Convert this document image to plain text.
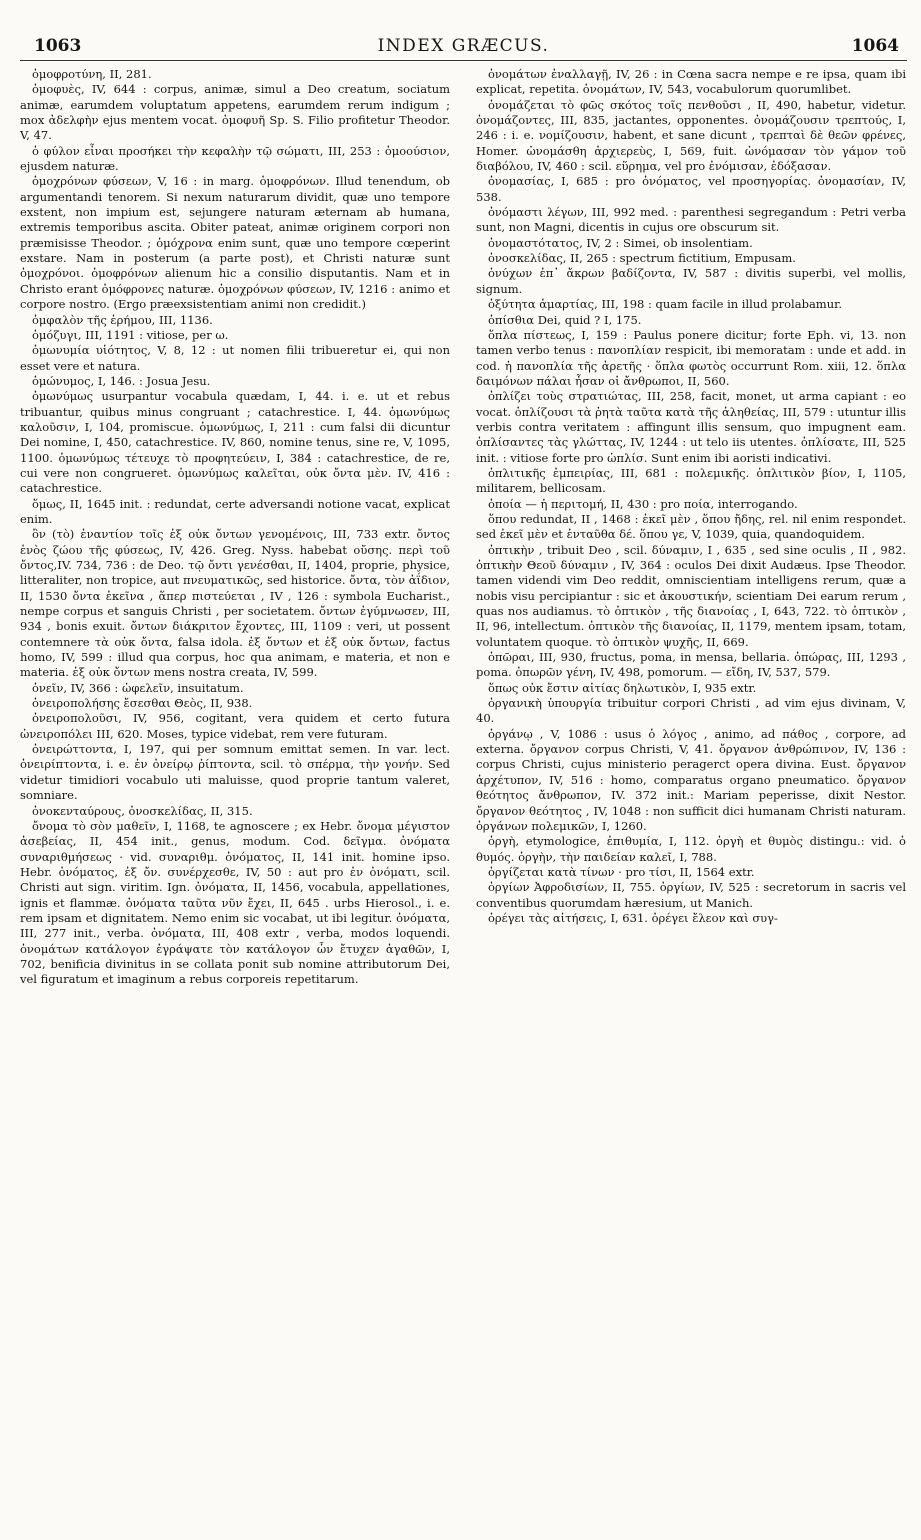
1063	INDEX GRÆCUS.	1064

ὁμοφροτύνη, II, 281.

ὁμοφυὲς, IV, 644 : corpus, animæ, simul a Deo creatum, sociatum animæ, earumdem voluptatum appetens, earumdem rerum indigum ; mox ἀδελφὴν ejus mentem vocat. ὁμοφυῆ Sp. S. Filio profitetur Theodor. V, 47.

ὁ φύλον εἶναι προσήκει τὴν κεφαλὴν τῷ σώματι, III, 253 : ὁμοούσιον, ejusdem naturæ.

ὁμοχρόνων φύσεων, V, 16 : in marg. ὁμοφρόνων. Illud tenendum, ob argumentandi tenorem. Si nexum naturarum dividit, quæ uno tempore exstent, non impium est, sejungere naturam æternam ab humana, extremis temporibus ascita. Obiter pateat, animæ originem corpori non præmisisse Theodor. ; ὁμόχρονα enim sunt, quæ uno tempore cœperint exstare. Nam in posterum (a parte post), et Christi naturæ sunt ὁμοχρόνοι. ὁμοφρόνων alienum hic a consilio disputantis. Nam et in Christo erant ὁμόφρονες naturæ. ὁμοχρόνων φύσεων, IV, 1216 : animo et corpore nostro. (Ergo præexsistentiam animi non credidit.)

ὀμφαλὸν τῆς ἐρήμου, III, 1136.

ὁμόζυγι, III, 1191 : vitiose, per ω.

ὁμωνυμία υἱότητος, V, 8, 12 : ut nomen filii tribueretur ei, qui non esset vere et natura.

ὁμώνυμος, I, 146. : Josua Jesu.

ὁμωνύμως usurpantur vocabula quædam, I, 44. i. e. ut et rebus tribuantur, quibus minus congruant ; catachrestice. I, 44. ὁμωνύμως καλοῦσιν, I, 104, promiscue. ὁμωνύμως, I, 211 : cum falsi dii dicuntur Dei nomine, I, 450, catachrestice. IV, 860, nomine tenus, sine re, V, 1095, 1100. ὁμωνύμως τέτευχε τὸ προφητεύειν, I, 384 : catachrestice, de re, cui vere non congrueret. ὁμωνύμως καλεῖται, οὐκ ὄντα μὲν. IV, 416 : catachrestice.

ὅμως, II, 1645 init. : redundat, certe adversandi notione vacat, explicat enim.

ὂν (τὸ) ἐναντίον τοῖς ἐξ οὐκ ὄντων γενομένοις, III, 733 extr. ὄντος ἑνὸς ζώου τῆς φύσεως, IV, 426. Greg. Nyss. habebat οὔσης. περὶ τοῦ ὄντος,IV. 734, 736 : de Deo. τῷ ὄντι γενέσθαι, II, 1404, proprie, physice, litteraliter, non tropice, aut πνευματικῶς, sed historice. ὄντα, τὸν ἀΐδιον, II, 1530 ὄντα ἐκεῖνα , ἅπερ πιστεύεται , IV , 126 : symbola Eucharist., nempe corpus et sanguis Christi , per societatem. ὄντων ἐγύμνωσεν, III, 934 , bonis exuit. ὄντων διάκριτον ἔχοντες, III, 1109 : veri, ut possent contemnere τὰ οὐκ ὄντα, falsa idola. ἐξ ὄντων et ἐξ οὐκ ὄντων, factus homo, IV, 599 : illud qua corpus, hoc qua animam, e materia, et non e materia. ἐξ οὐκ ὄντων mens nostra creata, IV, 599.

ὀνεῖν, IV, 366 : ὠφελεῖν, insuitatum.

ὀνειροπολήσης ἔσεσθαι Θεὸς, II, 938.

ὀνειροπολοῦσι, IV, 956, cogitant, vera quidem et certo futura ὠνειροπόλει III, 620. Moses, typice videbat, rem vere futuram.

ὀνειρώττοντα, I, 197, qui per somnum emittat semen. In var. lect. ὀνειρίπτοντα, i. e. ἐν ὀνείρῳ ῥίπτοντα, scil. τὸ σπέρμα, τὴν γονήν. Sed videtur timidiori vocabulo uti maluisse, quod proprie tantum valeret, somniare.

ὀνοκενταύρους, ὀνοσκελίδας, II, 315.

ὄνομα τὸ σὸν μαθεῖν, I, 1168, te agnoscere ; ex Hebr. ὄνομα μέγιστον ἀσεβείας, II, 454 init., genus, modum. Cod. δεῖγμα. ὀνόματα συναριθμήσεως · vid. συναριθμ. ὀνόματος, II, 141 init. homine ipso. Hebr. ὀνόματος, ἐξ ὄν. συνέρχεσθε, IV, 50 : aut pro ἐν ὀνόματι, scil. Christi aut sign. viritim. Ign. ὀνόματα, II, 1456, vocabula, appellationes, ignis et flammæ. ὀνόματα ταῦτα νῦν ἔχει, II, 645 . urbs Hierosol., i. e. rem ipsam et dignitatem. Nemo enim sic vocabat, ut ibi legitur. ὀνόματα, III, 277 init., verba. ὀνόματα, III, 408 extr , verba, modos loquendi. ὀνομάτων κατάλογον ἐγράψατε τὸν κατάλογον ὧν ἔτυχεν ἀγαθῶν, I, 702, benificia divinitus in se collata ponit sub nomine attributorum Dei, vel figuratum et imaginum a rebus corporeis repetitarum.

ὀνομάτων ἐναλλαγῇ, IV, 26 : in Cœna sacra nempe e re ipsa, quam ibi explicat, repetita. ὀνομάτων, IV, 543, vocabulorum quorumlibet.

ὀνομάζεται τὸ φῶς σκότος τοῖς πενθοῦσι , II, 490, habetur, videtur. ὀνομάζοντες, III, 835, jactantes, opponentes. ὀνομάζουσιν τρεπτούς, I, 246 : i. e. νομίζουσιν, habent, et sane dicunt , τρεπταὶ δὲ θεῶν φρένες, Homer. ὠνομάσθη ἀρχιερεὺς, I, 569, fuit. ὠνόμασαν τὸν γάμον τοῦ διαβόλου, IV, 460 : scil. εὕρημα, vel pro ἐνόμισαν, ἐδόξασαν.

ὀνομασίας, I, 685 : pro ὀνόματος, vel προσηγορίας. ὀνομασίαν, IV, 538.

ὀνόμαστι λέγων, III, 992 med. : parenthesi segregandum : Petri verba sunt, non Magni, dicentis in cujus ore obscurum sit.

ὀνομαστότατος, IV, 2 : Simei, ob insolentiam.

ὀνοσκελίδας, II, 265 : spectrum fictitium, Empusam.

ὀνύχων ἐπ᾽ ἄκρων βαδίζοντα, IV, 587 : divitis superbi, vel mollis, signum.

ὀξύτητα ἁμαρτίας, III, 198 : quam facile in illud prolabamur.

ὀπίσθια Dei, quid ? I, 175.

ὅπλα πίστεως, I, 159 : Paulus ponere dicitur; forte Eph. vi, 13. non tamen verbo tenus : πανοπλίαν respicit, ibi memoratam : unde et add. in cod. ἡ πανοπλία τῆς ἀρετῆς · ὅπλα φωτὸς occurrunt Rom. xiii, 12. ὅπλα δαιμόνων πάλαι ἦσαν οἱ ἄνθρωποι, II, 560.

ὁπλίζει τοὺς στρατιώτας, III, 258, facit, monet, ut arma capiant : eo vocat. ὁπλίζουσι τὰ ῥητὰ ταῦτα κατὰ τῆς ἀληθείας, III, 579 : utuntur illis verbis contra veritatem : affingunt illis sensum, quo impugnent eam. ὁπλίσαντες τὰς γλώττας, IV, 1244 : ut telo iis utentes. ὁπλίσατε, III, 525 init. : vitiose forte pro ὡπλίσ. Sunt enim ibi aoristi indicativi.

ὁπλιτικῆς ἐμπειρίας, III, 681 : πολεμικῆς. ὁπλιτικὸν βίον, I, 1105, militarem, bellicosam.

ὁποία — ἡ περιτομή, II, 430 : pro ποία, interrogando.

ὅπου redundat, II , 1468 : ἐκεῖ μὲν , ὅπου ἤδης, rel. nil enim respondet. sed ἐκεῖ μὲν et ἐνταῦθα δέ. ὅπου γε, V, 1039, quia, quandoquidem.

ὀπτικὴν , tribuit Deo , scil. δύναμιν, I , 635 , sed sine oculis , II , 982. ὀπτικὴν Θεοῦ δύναμιν , IV, 364 : oculos Dei dixit Audæus. Ipse Theodor. tamen videndi vim Deo reddit, omniscientiam intelligens rerum, quæ a nobis visu percipiantur : sic et ἀκουστικήν, scientiam Dei earum rerum , quas nos audiamus. τὸ ὀπτικὸν , τῆς διανοίας , I, 643, 722. τὸ ὀπτικὸν , II, 96, intellectum. ὀπτικὸν τῆς διανοίας, II, 1179, mentem ipsam, totam, voluntatem quoque. τὸ ὀπτικὸν ψυχῆς, II, 669.

ὀπῶραι, III, 930, fructus, poma, in mensa, bellaria. ὀπώρας, III, 1293 , poma. ὀπωρῶν γένη, IV, 498, pomorum. — εἴδη, IV, 537, 579.

ὅπως οὐκ ἔστιν αἰτίας δηλωτικὸν, I, 935 extr.

ὀργανικὴ ὑπουργία tribuitur corpori Christi , ad vim ejus divinam, V, 40.

ὀργάνῳ , V, 1086 : usus ὁ λόγος , animo, ad πάθος , corpore, ad externa. ὄργανον corpus Christi, V, 41. ὄργανον ἀνθρώπινον, IV, 136 : corpus Christi, cujus ministerio peragerct opera divina. Eust. ὄργανον ἀρχέτυπον, IV, 516 : homo, comparatus organo pneumatico. ὄργανον θεότητος ἄνθρωπον, IV. 372 init.: Mariam peperisse, dixit Nestor. ὄργανον θεότητος , IV, 1048 : non sufficit dici humanam Christi naturam. ὀργάνων πολεμικῶν, I, 1260.

ὀργὴ, etymologice, ἐπιθυμία, I, 112. ὀργὴ et θυμὸς distingu.: vid. ὁ θυμός. ὀργὴν, τὴν παιδείαν καλεῖ, I, 788.

ὀργίζεται κατὰ τίνων · pro τίσι, II, 1564 extr.

ὀργίων Ἀφροδισίων, II, 755. ὀργίων, IV, 525 : secretorum in sacris vel conventibus quorumdam hæresium, ut Manich.

ὀρέγει τὰς αἰτήσεις, I, 631. ὀρέγει ἔλεον καὶ συγ-
